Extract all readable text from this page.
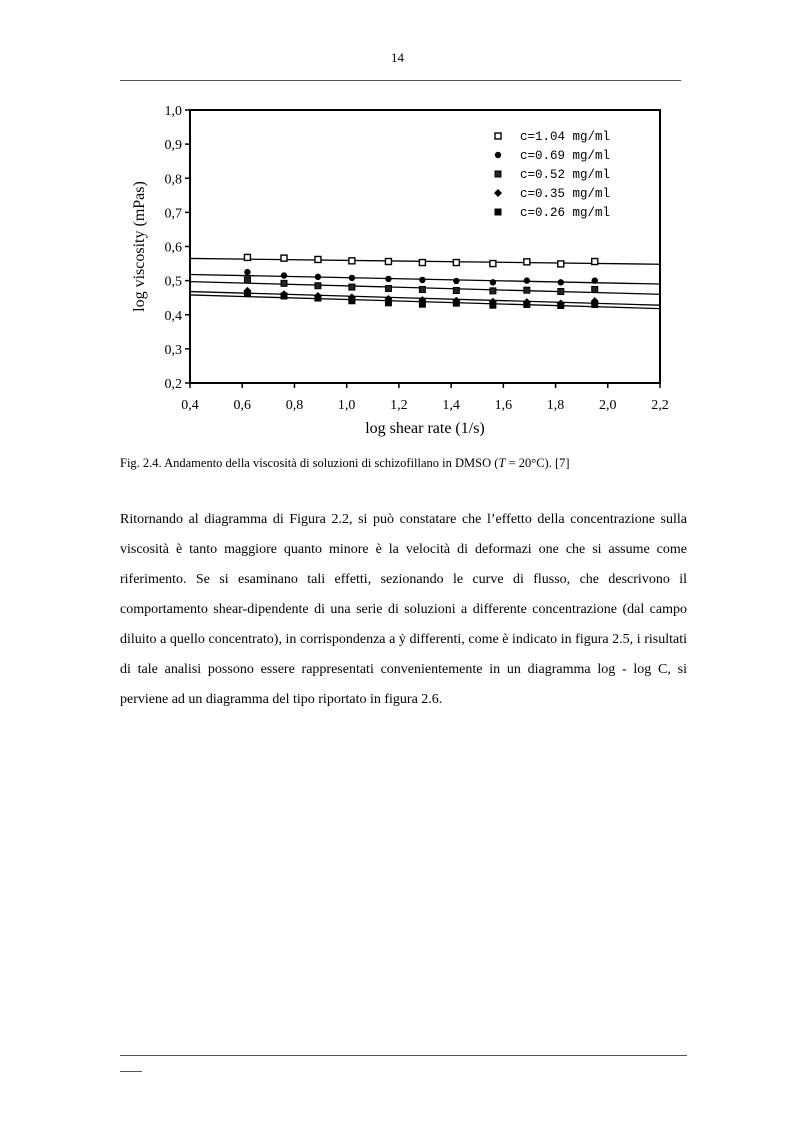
14
0,2
0,3
0,4
0,5
0,6
0,7
0,8
0,9
1,0
0,4 0,6 0,8 1,0 1,2 1,4 1,6 1,8 2,0 2,2
log shear rate (1/s)
log viscosity (mPas)
c=1.04 mg/ml
c=0.69 mg/ml
c=0.52 mg/ml
c=0.35 mg/ml
c=0.26 mg/ml
Fig. 2.4. Andamento della viscosità di soluzioni di schizofillano in DMSO (T = 20°C). [7]

Ritornando al diagramma di Figura 2.2, si può constatare che l’effetto della concentrazione sulla viscosità è tanto maggiore quanto minore è la velocità di deformazi one che si assume come riferimento. Se si esaminano tali effetti, sezionando le curve di flusso, che descrivono il comportamento shear-dipendente di una serie di soluzioni a differente concentrazione (dal campo diluito a quello concentrato), in corrispondenza a ẏ differenti, come è indicato in figura 2.5, i risultati di tale analisi possono essere rappresentati convenientemente in un diagramma log - log C, si perviene ad un diagramma del tipo riportato in figura 2.6.
